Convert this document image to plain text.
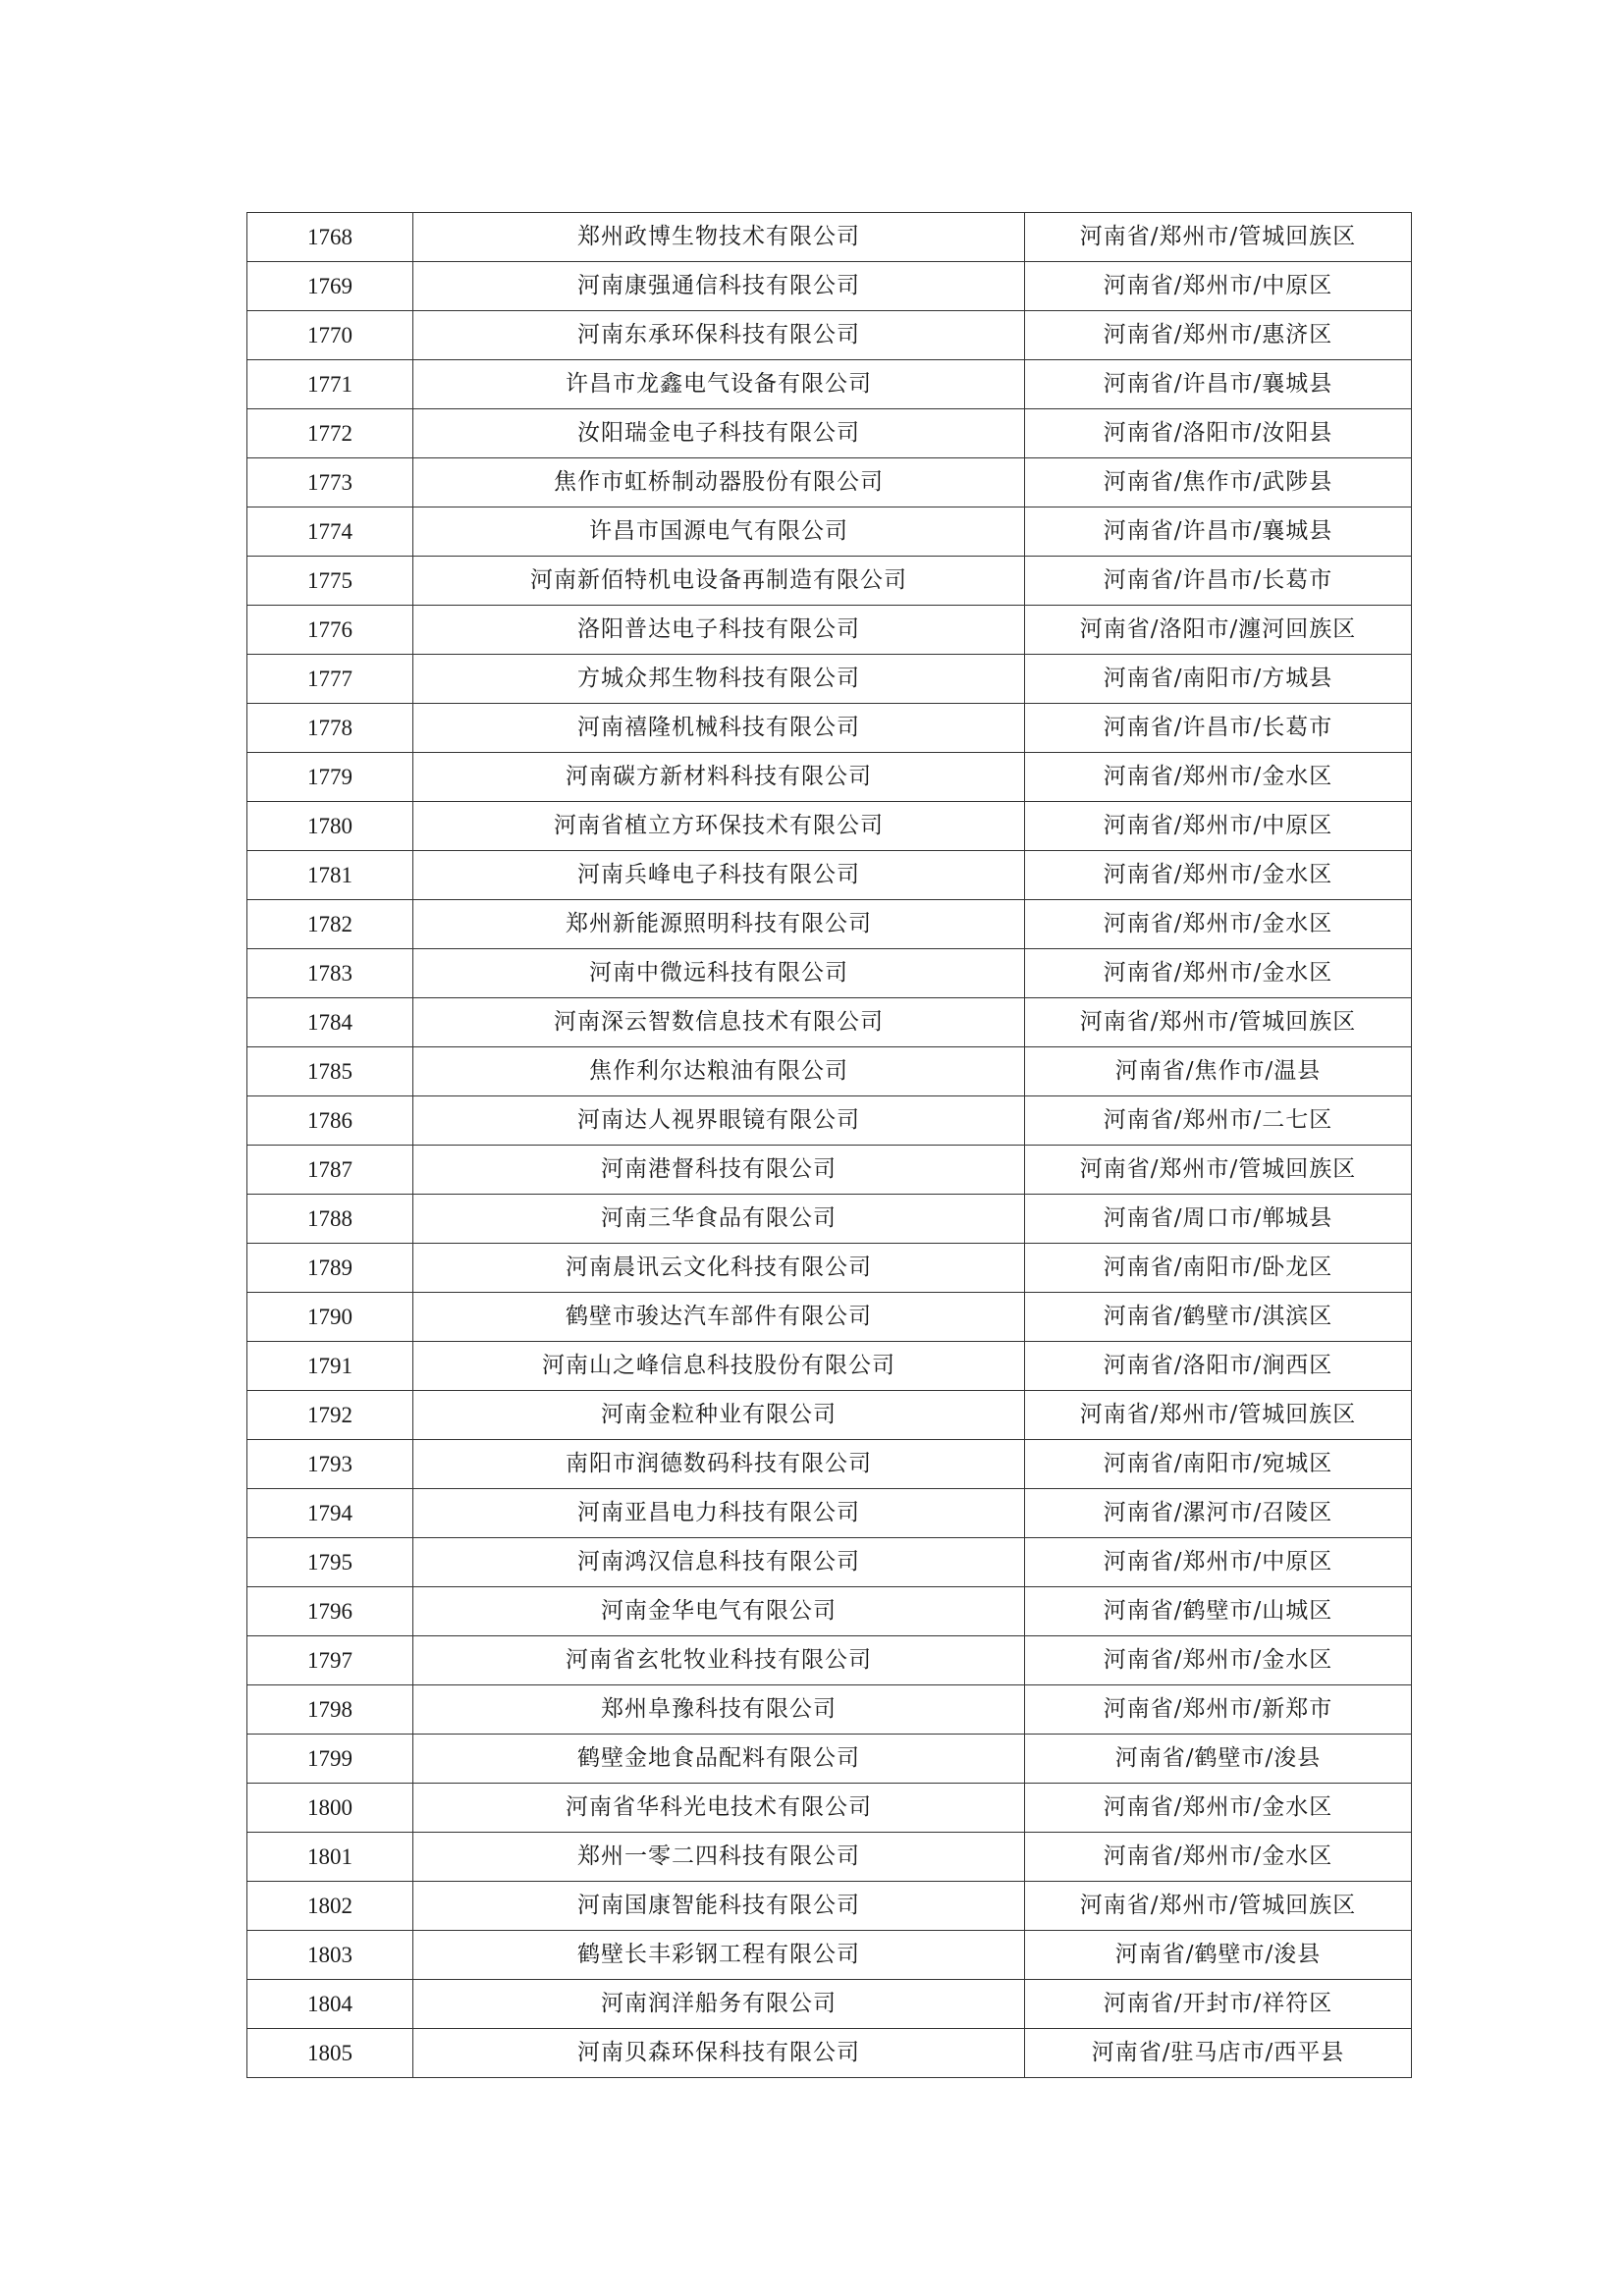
1768	郑州政博生物技术有限公司	河南省/郑州市/管城回族区
1769	河南康强通信科技有限公司	河南省/郑州市/中原区
1770	河南东承环保科技有限公司	河南省/郑州市/惠济区
1771	许昌市龙鑫电气设备有限公司	河南省/许昌市/襄城县
1772	汝阳瑞金电子科技有限公司	河南省/洛阳市/汝阳县
1773	焦作市虹桥制动器股份有限公司	河南省/焦作市/武陟县
1774	许昌市国源电气有限公司	河南省/许昌市/襄城县
1775	河南新佰特机电设备再制造有限公司	河南省/许昌市/长葛市
1776	洛阳普达电子科技有限公司	河南省/洛阳市/瀍河回族区
1777	方城众邦生物科技有限公司	河南省/南阳市/方城县
1778	河南禧隆机械科技有限公司	河南省/许昌市/长葛市
1779	河南碳方新材料科技有限公司	河南省/郑州市/金水区
1780	河南省植立方环保技术有限公司	河南省/郑州市/中原区
1781	河南兵峰电子科技有限公司	河南省/郑州市/金水区
1782	郑州新能源照明科技有限公司	河南省/郑州市/金水区
1783	河南中微远科技有限公司	河南省/郑州市/金水区
1784	河南深云智数信息技术有限公司	河南省/郑州市/管城回族区
1785	焦作利尔达粮油有限公司	河南省/焦作市/温县
1786	河南达人视界眼镜有限公司	河南省/郑州市/二七区
1787	河南港督科技有限公司	河南省/郑州市/管城回族区
1788	河南三华食品有限公司	河南省/周口市/郸城县
1789	河南晨讯云文化科技有限公司	河南省/南阳市/卧龙区
1790	鹤壁市骏达汽车部件有限公司	河南省/鹤壁市/淇滨区
1791	河南山之峰信息科技股份有限公司	河南省/洛阳市/涧西区
1792	河南金粒种业有限公司	河南省/郑州市/管城回族区
1793	南阳市润德数码科技有限公司	河南省/南阳市/宛城区
1794	河南亚昌电力科技有限公司	河南省/漯河市/召陵区
1795	河南鸿汉信息科技有限公司	河南省/郑州市/中原区
1796	河南金华电气有限公司	河南省/鹤壁市/山城区
1797	河南省玄牝牧业科技有限公司	河南省/郑州市/金水区
1798	郑州阜豫科技有限公司	河南省/郑州市/新郑市
1799	鹤壁金地食品配料有限公司	河南省/鹤壁市/浚县
1800	河南省华科光电技术有限公司	河南省/郑州市/金水区
1801	郑州一零二四科技有限公司	河南省/郑州市/金水区
1802	河南国康智能科技有限公司	河南省/郑州市/管城回族区
1803	鹤壁长丰彩钢工程有限公司	河南省/鹤壁市/浚县
1804	河南润洋船务有限公司	河南省/开封市/祥符区
1805	河南贝森环保科技有限公司	河南省/驻马店市/西平县
